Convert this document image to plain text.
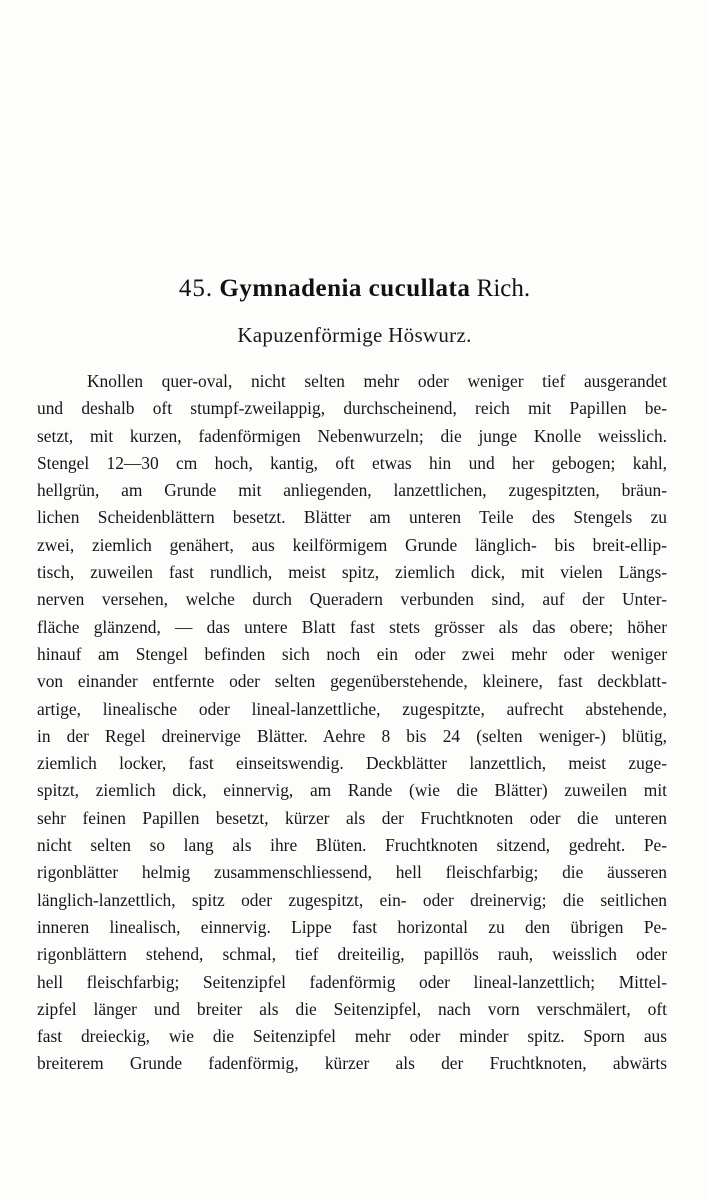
45. Gymnadenia cucullata Rich.
Kapuzenförmige Höswurz.
Knollen quer-oval, nicht selten mehr oder weniger tief ausgerandet
und deshalb oft stumpf-zweilappig, durchscheinend, reich mit Papillen be-
setzt, mit kurzen, fadenförmigen Nebenwurzeln; die junge Knolle weisslich.
Stengel 12—30 cm hoch, kantig, oft etwas hin und her gebogen; kahl,
hellgrün, am Grunde mit anliegenden, lanzettlichen, zugespitzten, bräun-
lichen Scheidenblättern besetzt. Blätter am unteren Teile des Stengels zu
zwei, ziemlich genähert, aus keilförmigem Grunde länglich- bis breit-ellip-
tisch, zuweilen fast rundlich, meist spitz, ziemlich dick, mit vielen Längs-
nerven versehen, welche durch Queradern verbunden sind, auf der Unter-
fläche glänzend, — das untere Blatt fast stets grösser als das obere; höher
hinauf am Stengel befinden sich noch ein oder zwei mehr oder weniger
von einander entfernte oder selten gegenüberstehende, kleinere, fast deckblatt-
artige, linealische oder lineal-lanzettliche, zugespitzte, aufrecht abstehende,
in der Regel dreinervige Blätter. Aehre 8 bis 24 (selten weniger-) blütig,
ziemlich locker, fast einseitswendig. Deckblätter lanzettlich, meist zuge-
spitzt, ziemlich dick, einnervig, am Rande (wie die Blätter) zuweilen mit
sehr feinen Papillen besetzt, kürzer als der Fruchtknoten oder die unteren
nicht selten so lang als ihre Blüten. Fruchtknoten sitzend, gedreht. Pe-
rigonblätter helmig zusammenschliessend, hell fleischfarbig; die äusseren
länglich-lanzettlich, spitz oder zugespitzt, ein- oder dreinervig; die seitlichen
inneren linealisch, einnervig. Lippe fast horizontal zu den übrigen Pe-
rigonblättern stehend, schmal, tief dreiteilig, papillös rauh, weisslich oder
hell fleischfarbig; Seitenzipfel fadenförmig oder lineal-lanzettlich; Mittel-
zipfel länger und breiter als die Seitenzipfel, nach vorn verschmälert, oft
fast dreieckig, wie die Seitenzipfel mehr oder minder spitz. Sporn aus
breiterem Grunde fadenförmig, kürzer als der Fruchtknoten, abwärts
